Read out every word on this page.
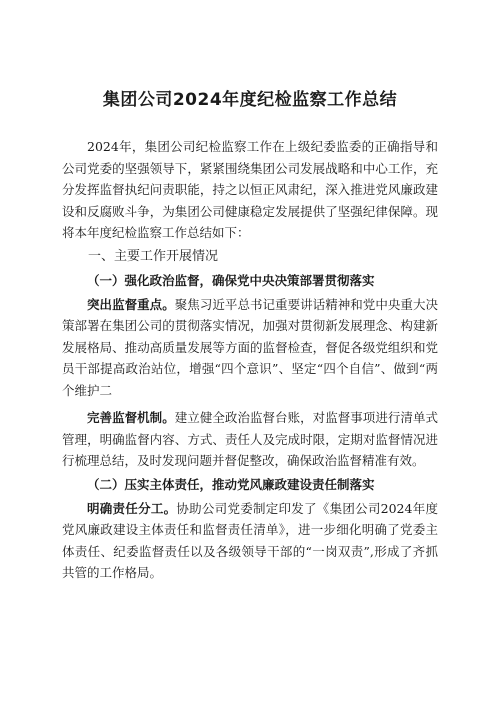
集团公司2024年度纪检监察工作总结

2024年，集团公司纪检监察工作在上级纪委监委的正确指导和公司党委的坚强领导下，紧紧围绕集团公司发展战略和中心工作，充分发挥监督执纪问责职能，持之以恒正风肃纪，深入推进党风廉政建设和反腐败斗争，为集团公司健康稳定发展提供了坚强纪律保障。现将本年度纪检监察工作总结如下：

一、主要工作开展情况
（一）强化政治监督，确保党中央决策部署贯彻落实

突出监督重点。聚焦习近平总书记重要讲话精神和党中央重大决策部署在集团公司的贯彻落实情况，加强对贯彻新发展理念、构建新发展格局、推动高质量发展等方面的监督检查，督促各级党组织和党员干部提高政治站位，增强“四个意识”、坚定“四个自信”、做到“两个维护二

完善监督机制。建立健全政治监督台账，对监督事项进行清单式管理，明确监督内容、方式、责任人及完成时限，定期对监督情况进行梳理总结，及时发现问题并督促整改，确保政治监督精准有效。

（二）压实主体责任，推动党风廉政建设责任制落实

明确责任分工。协助公司党委制定印发了《集团公司2024年度党风廉政建设主体责任和监督责任清单》，进一步细化明确了党委主体责任、纪委监督责任以及各级领导干部的“一岗双责”,形成了齐抓共管的工作格局。
